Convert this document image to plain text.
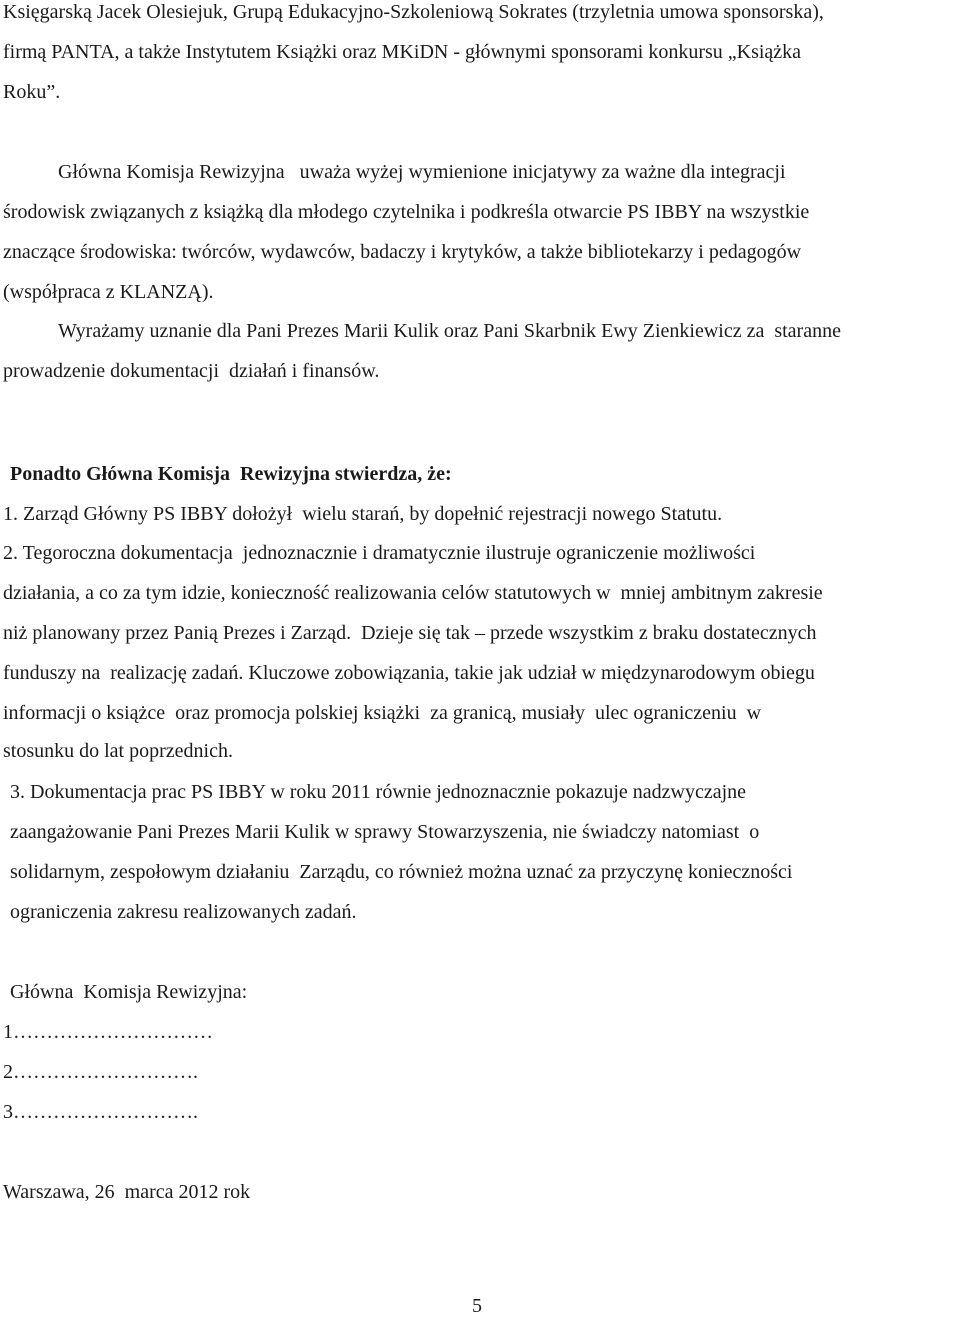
Księgarską Jacek Olesiejuk, Grupą Edukacyjno-Szkoleniową Sokrates (trzyletnia umowa sponsorska),
firmą PANTA, a także Instytutem Książki oraz MKiDN - głównymi sponsorami konkursu „Książka
Roku”.
Główna Komisja Rewizyjna   uważa wyżej wymienione inicjatywy za ważne dla integracji
środowisk związanych z książką dla młodego czytelnika i podkreśla otwarcie PS IBBY na wszystkie
znaczące środowiska: twórców, wydawców, badaczy i krytyków, a także bibliotekarzy i pedagogów
(współpraca z KLANZĄ).
Wyrażamy uznanie dla Pani Prezes Marii Kulik oraz Pani Skarbnik Ewy Zienkiewicz za  staranne
prowadzenie dokumentacji  działań i finansów.
Ponadto Główna Komisja  Rewizyjna stwierdza, że:
1. Zarząd Główny PS IBBY dołożył  wielu starań, by dopełnić rejestracji nowego Statutu.
2. Tegoroczna dokumentacja  jednoznacznie i dramatycznie ilustruje ograniczenie możliwości
działania, a co za tym idzie, konieczność realizowania celów statutowych w  mniej ambitnym zakresie
niż planowany przez Panią Prezes i Zarząd.  Dzieje się tak – przede wszystkim z braku dostatecznych
funduszy na  realizację zadań. Kluczowe zobowiązania, takie jak udział w międzynarodowym obiegu
informacji o książce  oraz promocja polskiej książki  za granicą, musiały  ulec ograniczeniu  w
stosunku do lat poprzednich.
3. Dokumentacja prac PS IBBY w roku 2011 równie jednoznacznie pokazuje nadzwyczajne
zaangażowanie Pani Prezes Marii Kulik w sprawy Stowarzyszenia, nie świadczy natomiast  o
solidarnym, zespołowym działaniu  Zarządu, co również można uznać za przyczynę konieczności
ograniczenia zakresu realizowanych zadań.
Główna  Komisja Rewizyjna:
1…………………………
2……………………….
3……………………….
Warszawa, 26  marca 2012 rok
5
